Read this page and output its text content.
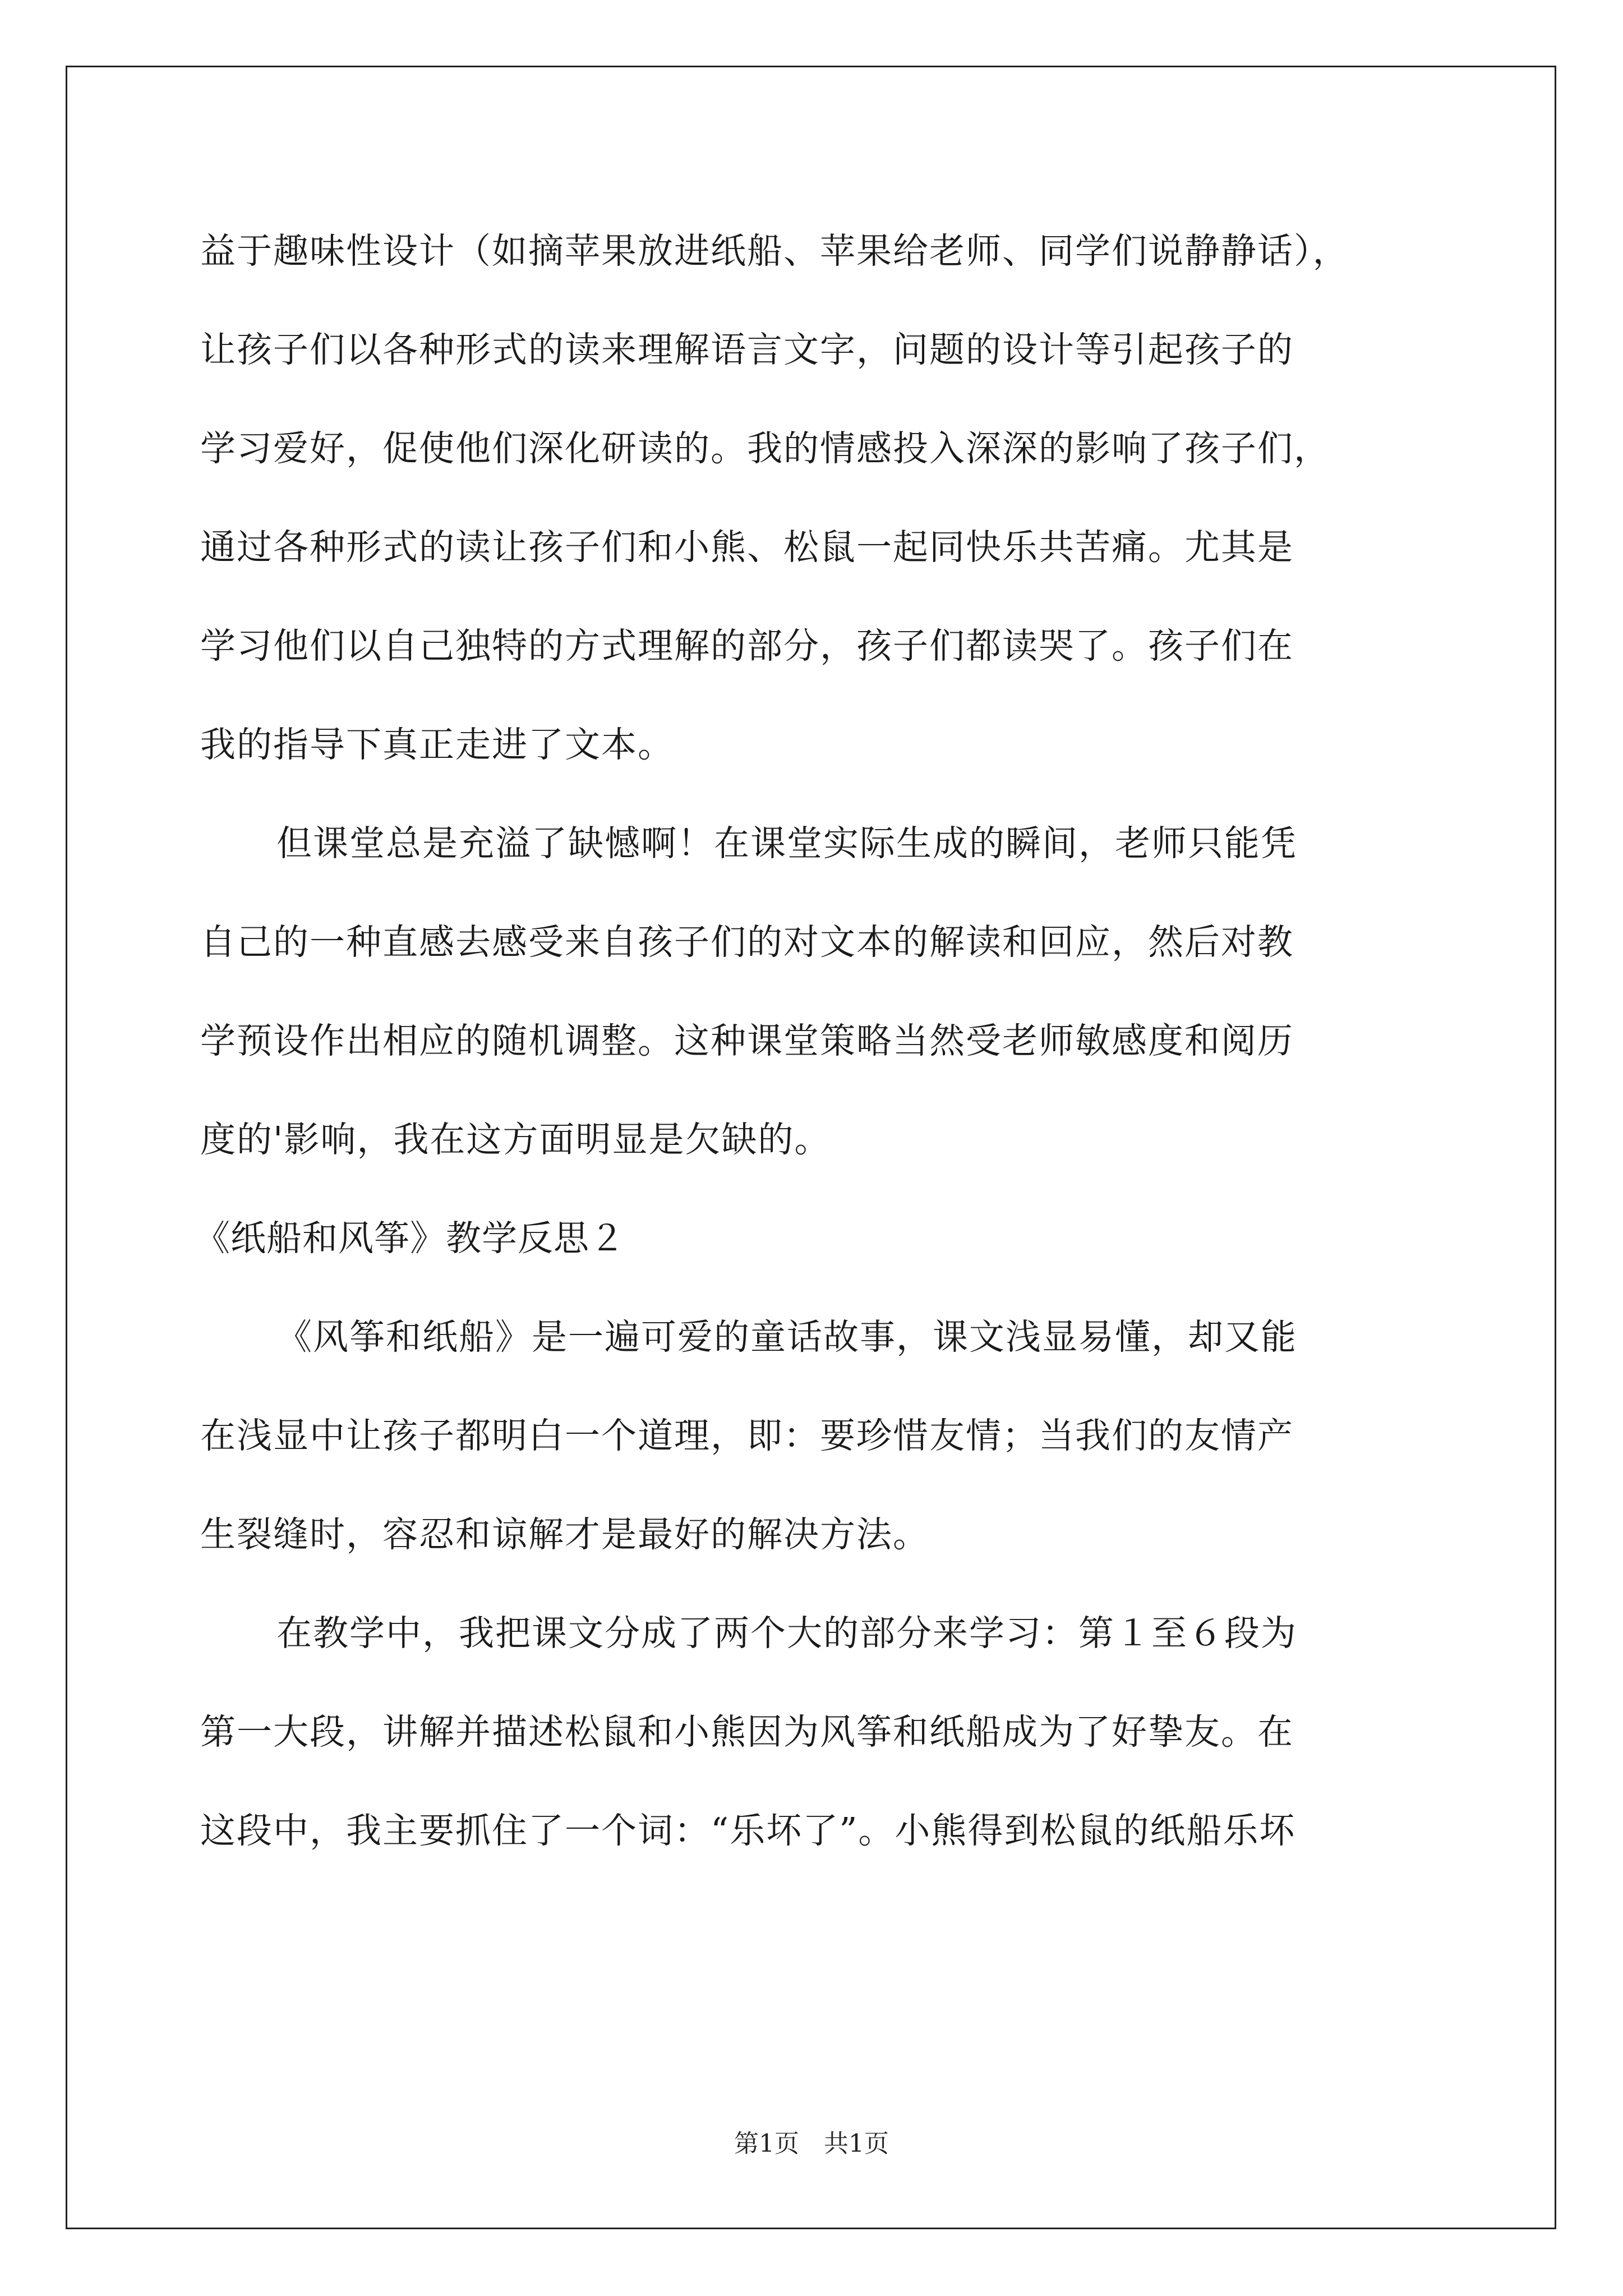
益于趣味性设计（如摘苹果放进纸船、苹果给老师、同学们说静静话），
让孩子们以各种形式的读来理解语言文字，问题的设计等引起孩子的
学习爱好，促使他们深化研读的。我的情感投入深深的影响了孩子们，
通过各种形式的读让孩子们和小熊、松鼠一起同快乐共苦痛。尤其是
学习他们以自己独特的方式理解的部分，孩子们都读哭了。孩子们在
我的指导下真正走进了文本。
但课堂总是充溢了缺憾啊！在课堂实际生成的瞬间，老师只能凭
自己的一种直感去感受来自孩子们的对文本的解读和回应，然后对教
学预设作出相应的随机调整。这种课堂策略当然受老师敏感度和阅历
度的'影响，我在这方面明显是欠缺的。
《纸船和风筝》教学反思２
《风筝和纸船》是一遍可爱的童话故事，课文浅显易懂，却又能
在浅显中让孩子都明白一个道理，即：要珍惜友情；当我们的友情产
生裂缝时，容忍和谅解才是最好的解决方法。
在教学中，我把课文分成了两个大的部分来学习：第１至６段为
第一大段，讲解并描述松鼠和小熊因为风筝和纸船成为了好挚友。在
这段中，我主要抓住了一个词：“乐坏了”。小熊得到松鼠的纸船乐坏
第1页 共1页
